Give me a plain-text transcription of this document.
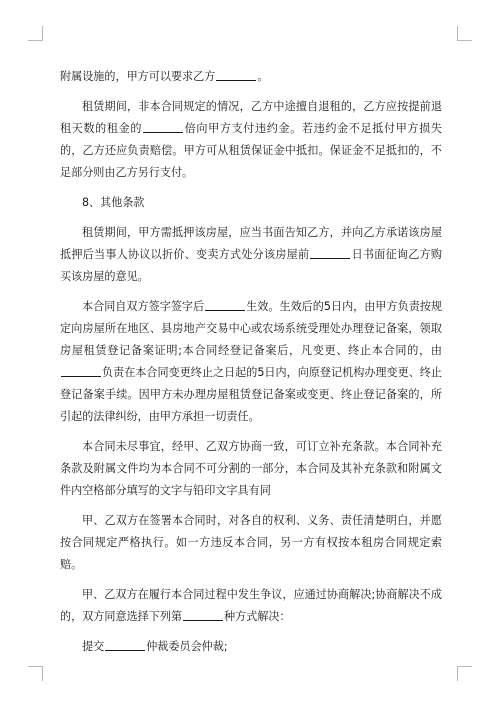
附属设施的，甲方可以要求乙方	。

租赁期间，非本合同规定的情况，乙方中途擅自退租的，乙方应按提前退租天数的租金的	倍向甲方支付违约金。若违约金不足抵付甲方损失的，乙方还应负责赔偿。甲方可从租赁保证金中抵扣。保证金不足抵扣的，不足部分则由乙方另行支付。

8、其他条款

租赁期间，甲方需抵押该房屋，应当书面告知乙方，并向乙方承诺该房屋抵押后当事人协议以折价、变卖方式处分该房屋前	日书面征询乙方购买该房屋的意见。

本合同自双方签字签字后	生效。生效后的5日内，由甲方负责按规定向房屋所在地区、县房地产交易中心或农场系统受理处办理登记备案，领取房屋租赁登记备案证明;本合同经登记备案后，凡变更、终止本合同的，由负责在本合同变更终止之日起的5日内，向原登记机构办理变更、终止登记备案手续。因甲方未办理房屋租赁登记备案或变更、终止登记备案的，所引起的法律纠纷，由甲方承担一切责任。

本合同未尽事宜，经甲、乙双方协商一致，可订立补充条款。本合同补充条款及附属文件均为本合同不可分割的一部分，本合同及其补充条款和附属文件内空格部分填写的文字与铅印文字具有同

甲、乙双方在签署本合同时，对各自的权利、义务、责任清楚明白，并愿按合同规定严格执行。如一方违反本合同，另一方有权按本租房合同规定索赔。

甲、乙双方在履行本合同过程中发生争议，应通过协商解决;协商解决不成的，双方同意选择下列第	种方式解决：

提交	仲裁委员会仲裁;
